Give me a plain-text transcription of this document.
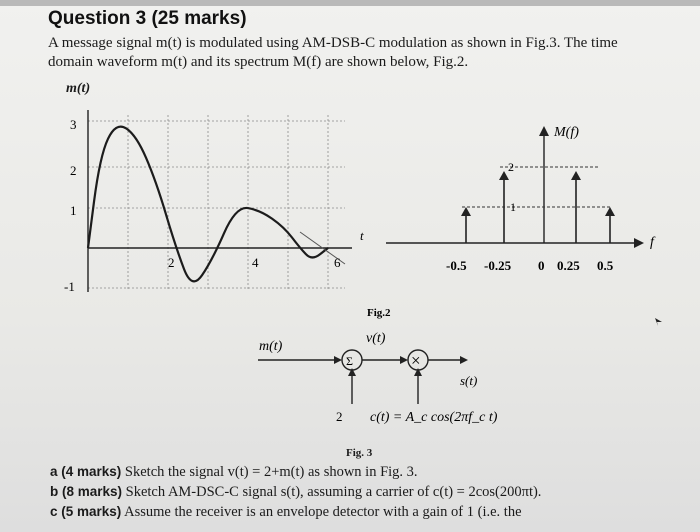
Question 3 (25 marks)
A message signal m(t) is modulated using AM-DSB-C modulation as shown in Fig.3. The time
domain waveform m(t) and its spectrum M(f) are shown below, Fig.2.
m(t)
3
2
1
-1
2	4	6
t	f
M(f)
2
1
-0.5 -0.25 0 0.25 0.5
Fig.2
m(t)
Σ
v(t)
×
s(t)
2 c(t) = A_c cos(2πf_c t)
Fig. 3
a (4 marks) Sketch the signal v(t) = 2+m(t) as shown in Fig. 3.
b (8 marks) Sketch AM-DSC-C signal s(t), assuming a carrier of c(t) = 2cos(200πt).
c (5 marks) Assume the receiver is an envelope detector with a gain of 1 (i.e. the
